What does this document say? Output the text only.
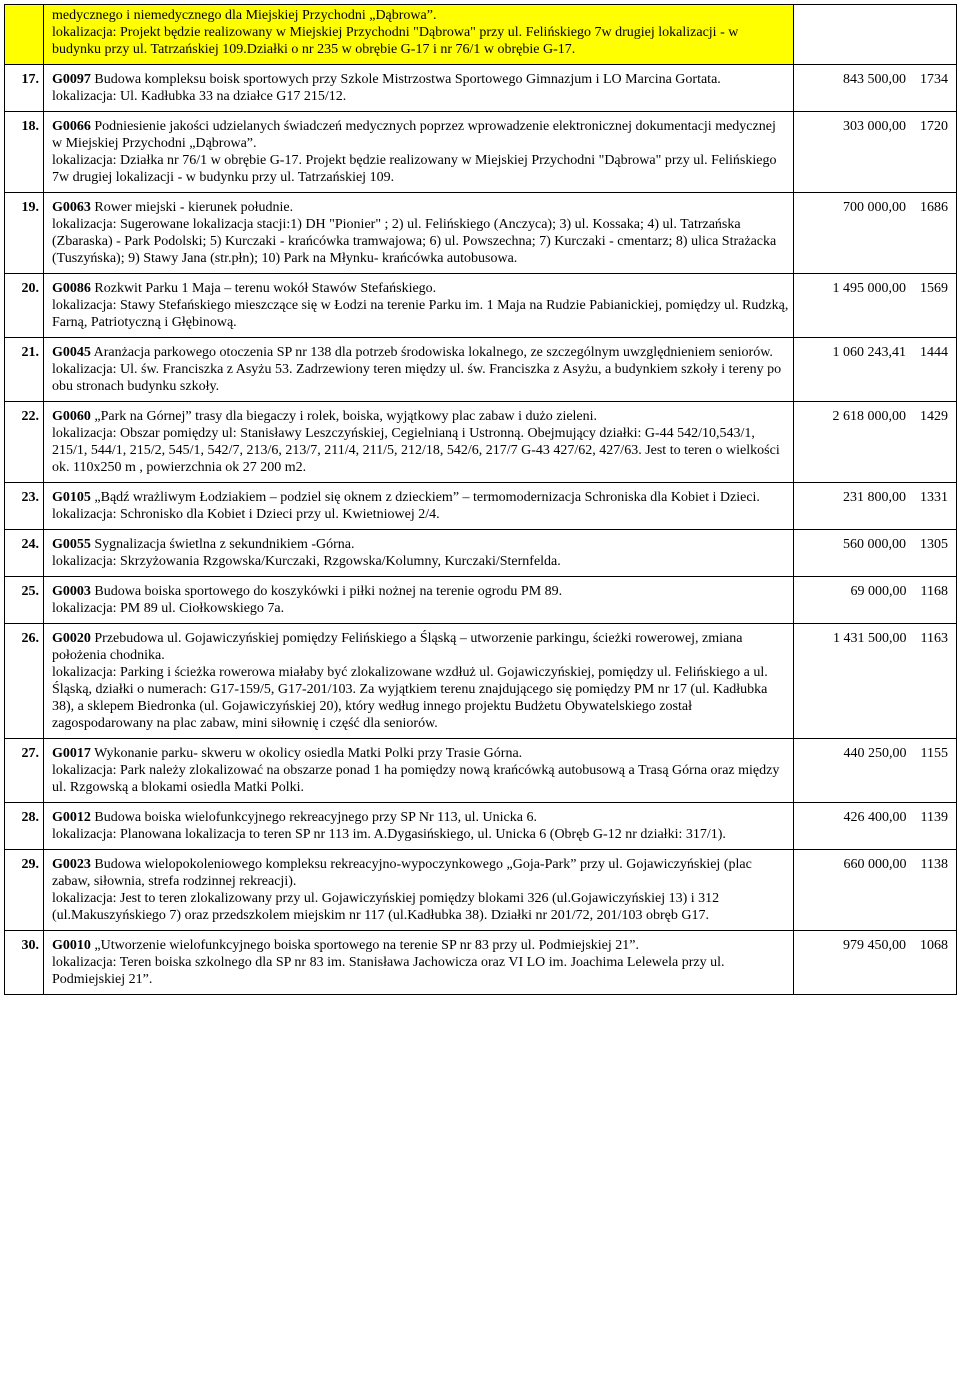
	medycznego i niemedycznego dla Miejskiej Przychodni „Dąbrowa”.
lokalizacja: Projekt będzie realizowany w Miejskiej Przychodni "Dąbrowa" przy ul. Felińskiego 7w drugiej lokalizacji - w budynku przy ul. Tatrzańskiej 109.Działki o nr 235 w obrębie G-17 i nr 76/1 w obrębie G-17.	

17.	G0097 Budowa kompleksu boisk sportowych przy Szkole Mistrzostwa Sportowego Gimnazjum i LO Marcina Gortata.
lokalizacja: Ul. Kadłubka 33 na działce G17 215/12.	843 500,00 1734

18.	G0066 Podniesienie jakości udzielanych świadczeń medycznych poprzez wprowadzenie elektronicznej dokumentacji medycznej w Miejskiej Przychodni „Dąbrowa”.
lokalizacja: Działka nr 76/1 w obrębie G-17. Projekt będzie realizowany w Miejskiej Przychodni "Dąbrowa" przy ul. Felińskiego 7w drugiej lokalizacji - w budynku przy ul. Tatrzańskiej 109.	303 000,00 1720

19.	G0063 Rower miejski - kierunek południe.
lokalizacja: Sugerowane lokalizacja stacji:1) DH "Pionier" ; 2) ul. Felińskiego (Anczyca); 3) ul. Kossaka; 4) ul. Tatrzańska (Zbaraska) - Park Podolski; 5) Kurczaki - krańcówka tramwajowa; 6) ul. Powszechna; 7) Kurczaki - cmentarz; 8) ulica Strażacka (Tuszyńska); 9) Stawy Jana (str.płn); 10) Park na Młynku- krańcówka autobusowa.	700 000,00 1686

20.	G0086 Rozkwit Parku 1 Maja – terenu wokół Stawów Stefańskiego.
lokalizacja: Stawy Stefańskiego mieszczące się w Łodzi na terenie Parku im. 1 Maja na Rudzie Pabianickiej, pomiędzy ul. Rudzką, Farną, Patriotyczną i Głębinową.	1 495 000,00 1569

21.	G0045 Aranżacja parkowego otoczenia SP nr 138 dla potrzeb środowiska lokalnego, ze szczególnym uwzględnieniem seniorów.
lokalizacja: Ul. św. Franciszka z Asyżu 53. Zadrzewiony teren między ul. św. Franciszka z Asyżu, a budynkiem szkoły i tereny po obu stronach budynku szkoły.	1 060 243,41 1444

22.	G0060 „Park na Górnej” trasy dla biegaczy i rolek, boiska, wyjątkowy plac zabaw i dużo zieleni.
lokalizacja: Obszar pomiędzy ul: Stanisławy Leszczyńskiej, Cegielnianą i Ustronną. Obejmujący działki: G-44 542/10,543/1, 215/1, 544/1, 215/2, 545/1, 542/7, 213/6, 213/7, 211/4, 211/5, 212/18, 542/6, 217/7 G-43 427/62, 427/63. Jest to teren o wielkości ok. 110x250 m , powierzchnia ok 27 200 m2.	2 618 000,00 1429

23.	G0105 „Bądź wrażliwym Łodziakiem – podziel się oknem z dzieckiem” – termomodernizacja Schroniska dla Kobiet i Dzieci.
lokalizacja: Schronisko dla Kobiet i Dzieci przy ul. Kwietniowej 2/4.	231 800,00 1331

24.	G0055 Sygnalizacja świetlna z sekundnikiem -Górna.
lokalizacja: Skrzyżowania Rzgowska/Kurczaki, Rzgowska/Kolumny, Kurczaki/Sternfelda.	560 000,00 1305

25.	G0003 Budowa boiska sportowego do koszykówki i piłki nożnej na terenie ogrodu PM 89.
lokalizacja: PM 89 ul. Ciołkowskiego 7a.	69 000,00 1168

26.	G0020 Przebudowa ul. Gojawiczyńskiej pomiędzy Felińskiego a Śląską – utworzenie parkingu, ścieżki rowerowej, zmiana położenia chodnika.
lokalizacja: Parking i ścieżka rowerowa miałaby być zlokalizowane wzdłuż ul. Gojawiczyńskiej, pomiędzy ul. Felińskiego a ul. Śląską, działki o numerach: G17-159/5, G17-201/103. Za wyjątkiem terenu znajdującego się pomiędzy PM nr 17 (ul. Kadłubka 38), a sklepem Biedronka (ul. Gojawiczyńskiej 20), który według innego projektu Budżetu Obywatelskiego został zagospodarowany na plac zabaw, mini siłownię i część dla seniorów.	1 431 500,00 1163

27.	G0017 Wykonanie parku- skweru w okolicy osiedla Matki Polki przy Trasie Górna.
lokalizacja: Park należy zlokalizować na obszarze ponad 1 ha pomiędzy nową krańcówką autobusową a Trasą Górna oraz między ul. Rzgowską a blokami osiedla Matki Polki.	440 250,00 1155

28.	G0012 Budowa boiska wielofunkcyjnego rekreacyjnego przy SP Nr 113, ul. Unicka 6.
lokalizacja: Planowana lokalizacja to teren SP nr 113 im. A.Dygasińskiego, ul. Unicka 6 (Obręb G-12 nr działki: 317/1).	426 400,00 1139

29.	G0023 Budowa wielopokoleniowego kompleksu rekreacyjno-wypoczynkowego „Goja-Park” przy ul. Gojawiczyńskiej (plac zabaw, siłownia, strefa rodzinnej rekreacji).
lokalizacja: Jest to teren zlokalizowany przy ul. Gojawiczyńskiej pomiędzy blokami 326 (ul.Gojawiczyńskiej 13) i 312 (ul.Makuszyńskiego 7) oraz przedszkolem miejskim nr 117 (ul.Kadłubka 38). Działki nr 201/72, 201/103 obręb G17.	660 000,00 1138

30.	G0010 „Utworzenie wielofunkcyjnego boiska sportowego na terenie SP nr 83 przy ul. Podmiejskiej 21”.
lokalizacja: Teren boiska szkolnego dla SP nr 83 im. Stanisława Jachowicza oraz VI LO im. Joachima Lelewela przy ul. Podmiejskiej 21”.	979 450,00 1068
